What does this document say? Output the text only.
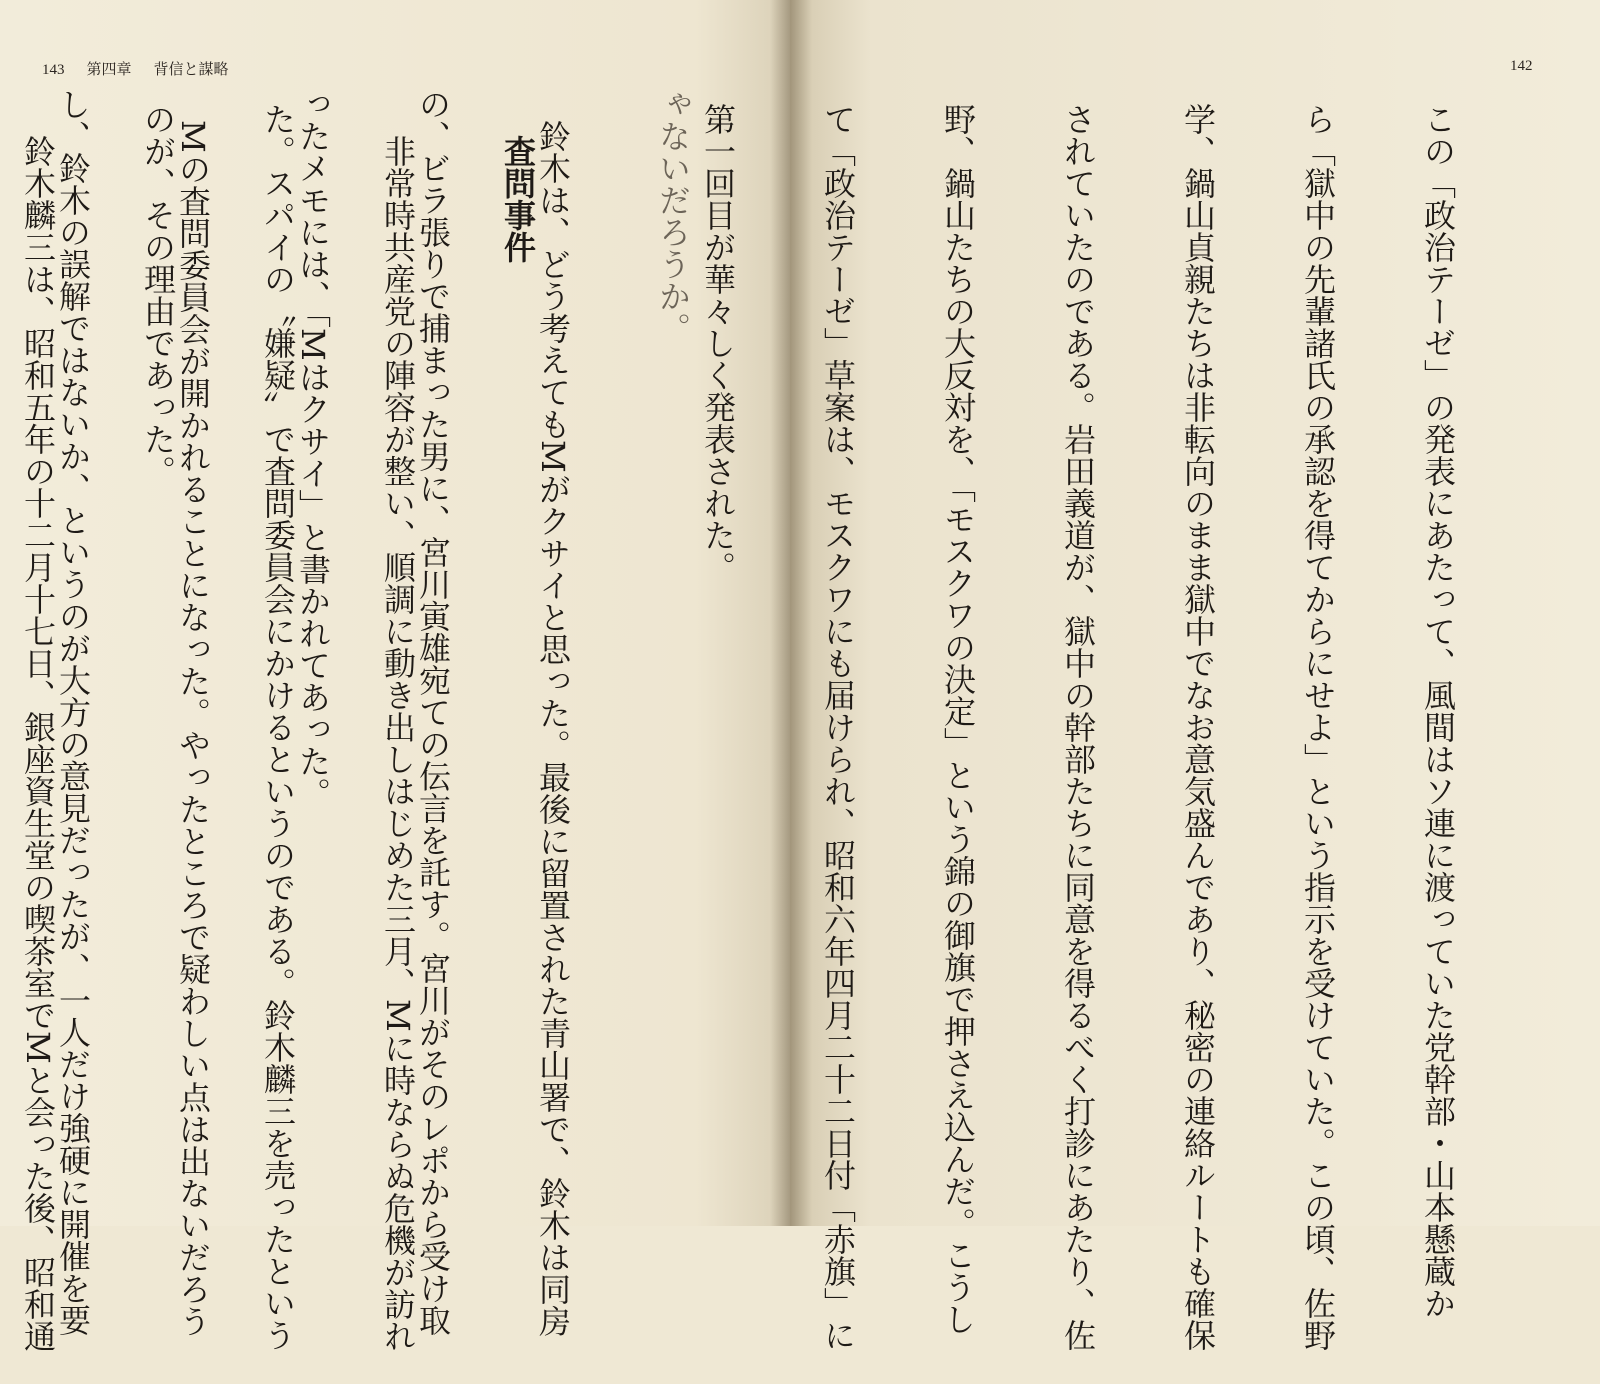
143 第四章 背信と謀略	142

この「政治テーゼ」の発表にあたって、風間はソ連に渡っていた党幹部・山本懸蔵か

ら「獄中の先輩諸氏の承認を得てからにせよ」という指示を受けていた。この頃、佐野

学、鍋山貞親たちは非転向のまま獄中でなお意気盛んであり、秘密の連絡ルートも確保

されていたのである。岩田義道が、獄中の幹部たちに同意を得るべく打診にあたり、佐

野、鍋山たちの大反対を、「モスクワの決定」という錦の御旗で押さえ込んだ。こうし

て「政治テーゼ」草案は、モスクワにも届けられ、昭和六年四月二十二日付「赤旗」に

第一回目が華々しく発表された。

　査問事件

　非常時共産党の陣容が整い、順調に動き出しはじめた三月、Mに時ならぬ危機が訪れ

た。スパイの〝嫌疑〟で査問委員会にかけるというのである。鈴木麟三を売ったという

のが、その理由であった。

　鈴木麟三は、昭和五年の十二月十七日、銀座資生堂の喫茶室でMと会った後、昭和通

	ゃないだろうか。

　鈴木は、どう考えてもMがクサイと思った。最後に留置された青山署で、鈴木は同房

の、ビラ張りで捕まった男に、宮川寅雄宛ての伝言を託す。宮川がそのレポから受け取

ったメモには、「Mはクサイ」と書かれてあった。

　Mの査問委員会が開かれることになった。やったところで疑わしい点は出ないだろう

し、鈴木の誤解ではないか、というのが大方の意見だったが、一人だけ強硬に開催を要
